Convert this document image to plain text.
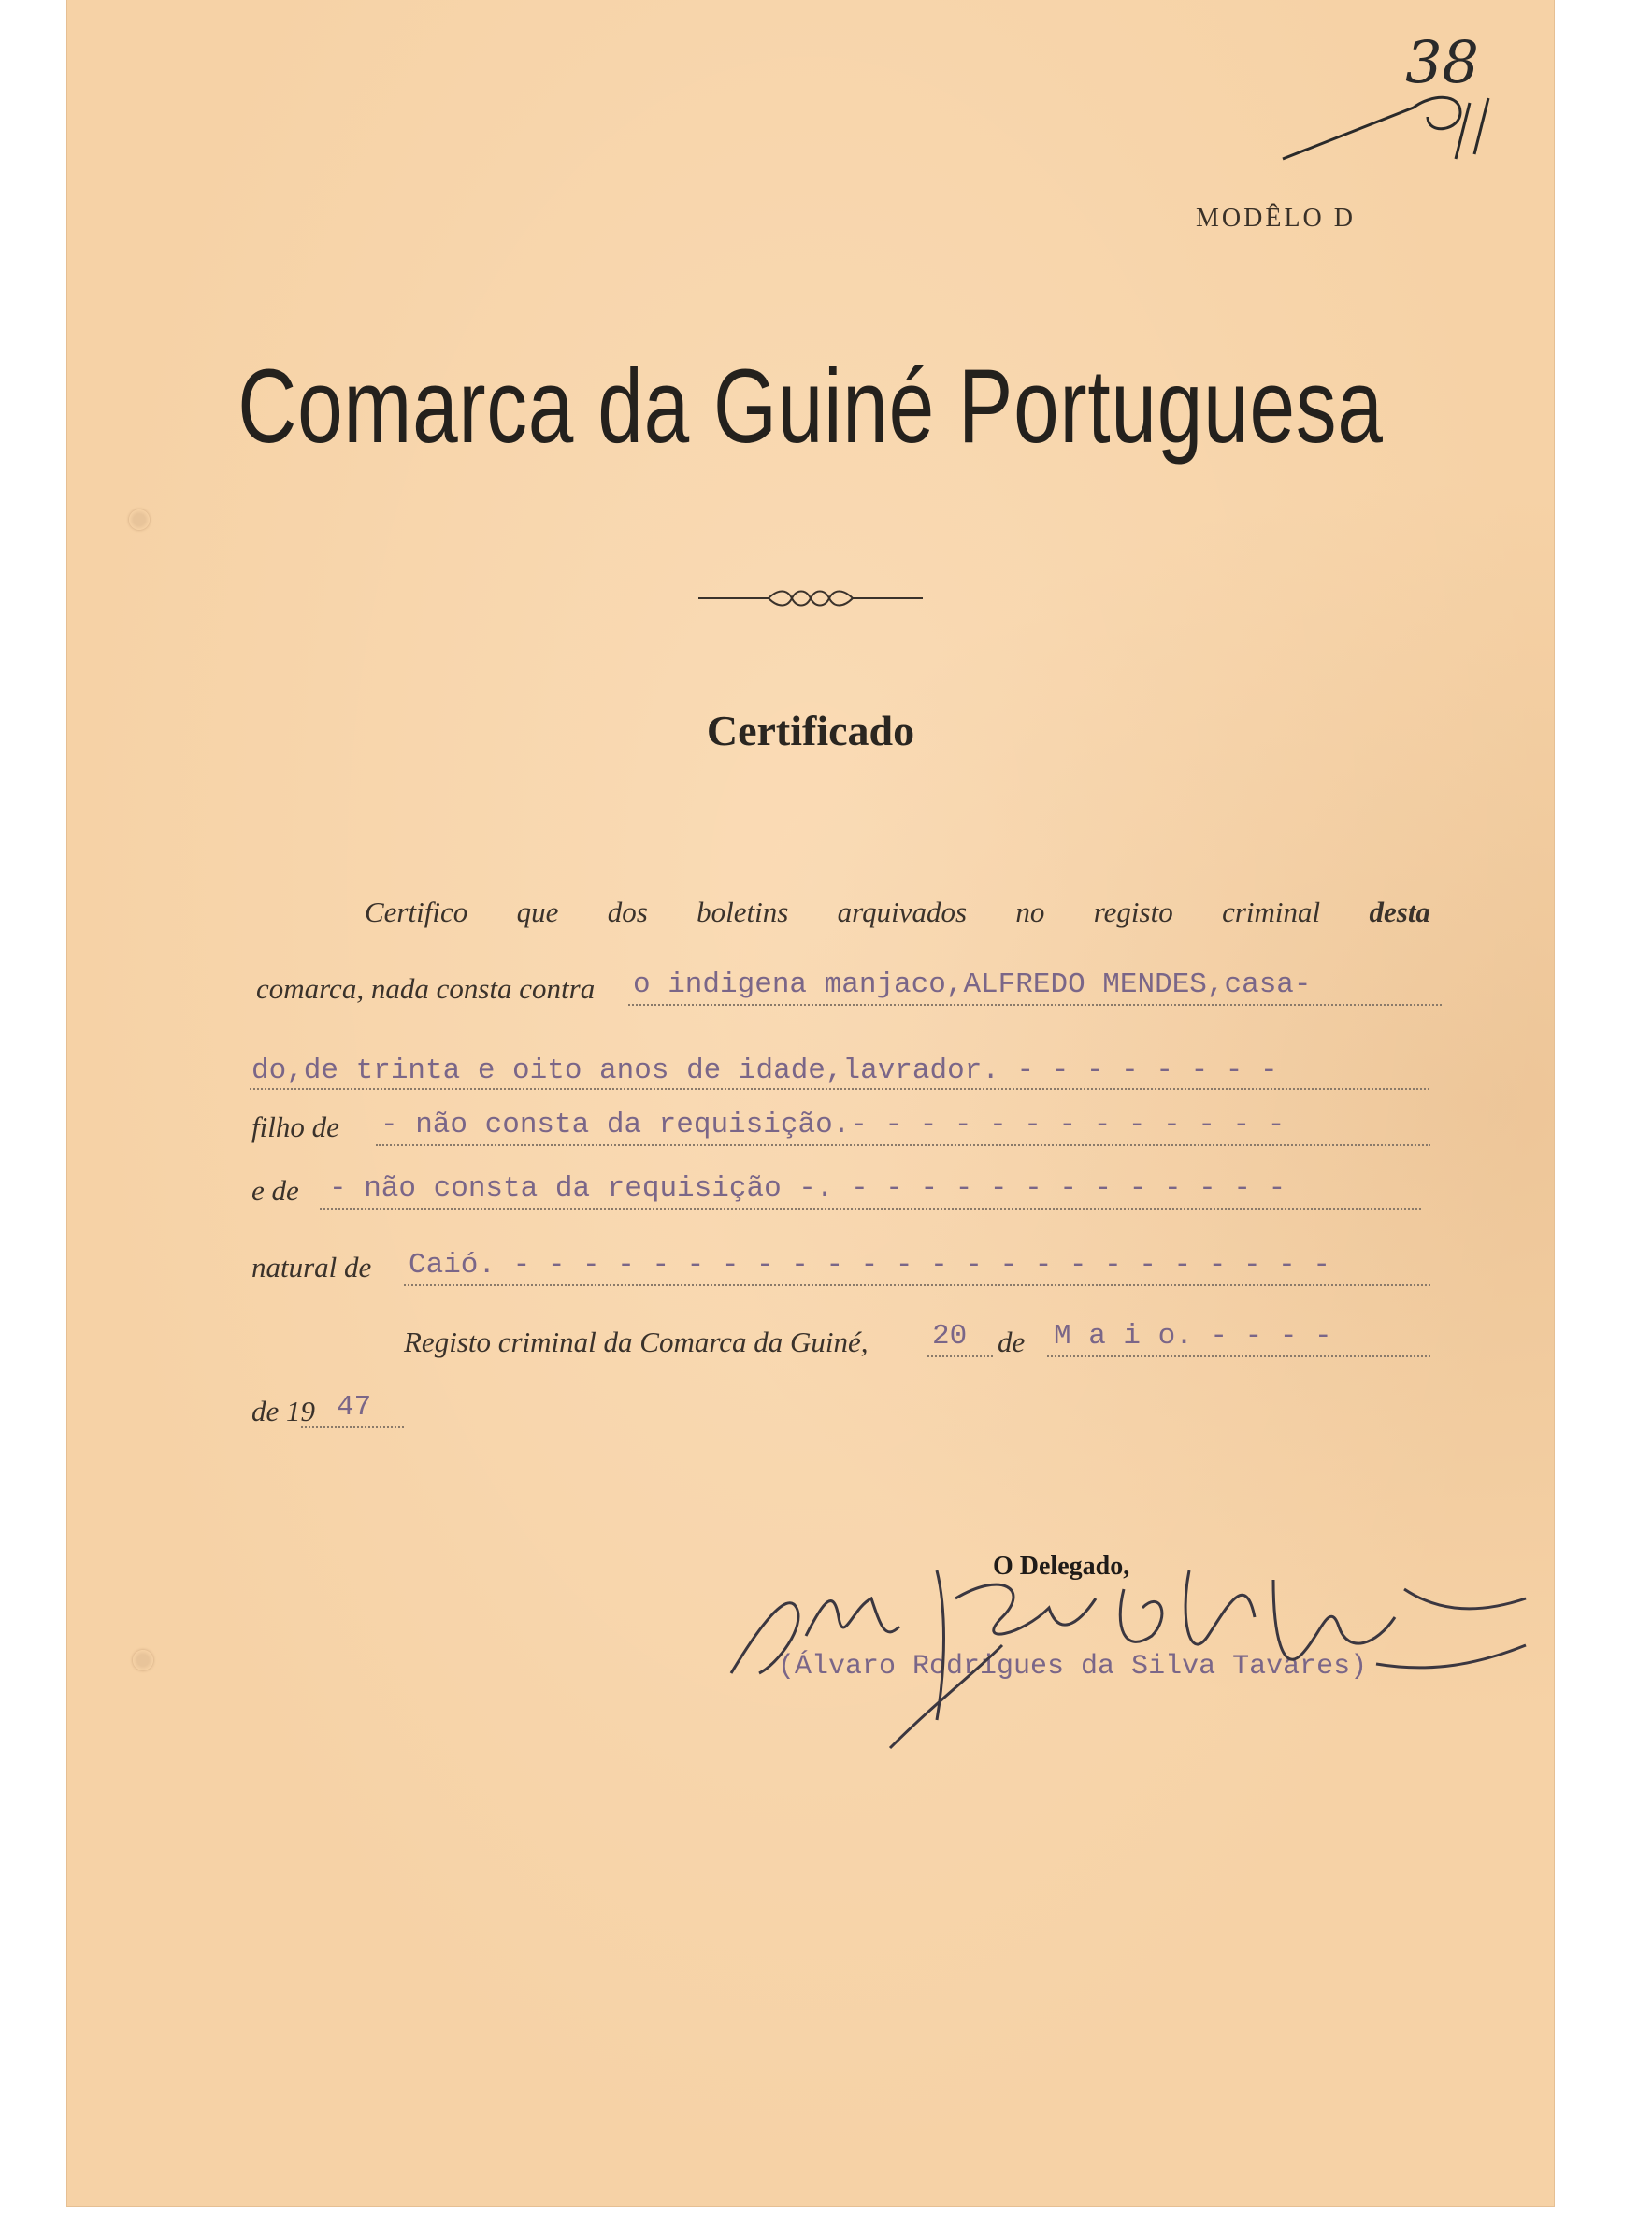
38
MODÊLO D
Comarca da Guiné Portuguesa
Certificado
Certifico que dos boletins arquivados no registo criminal desta
comarca, nada consta contra o indigena manjaco,ALFREDO MENDES,casa-
do,de trinta e oito anos de idade,lavrador. - - - - - - - -
filho de - não consta da requisição.- - - - - - - - - - - - -
e de - não consta da requisição -. - - - - - - - - - - - - -
natural de Caió. - - - - - - - - - - - - - - - - - - - - - - - -
Registo criminal da Comarca da Guiné, 20 de M a i o. - - - -
de 19 47
O Delegado,
(Álvaro Rodrigues da Silva Tavares)
